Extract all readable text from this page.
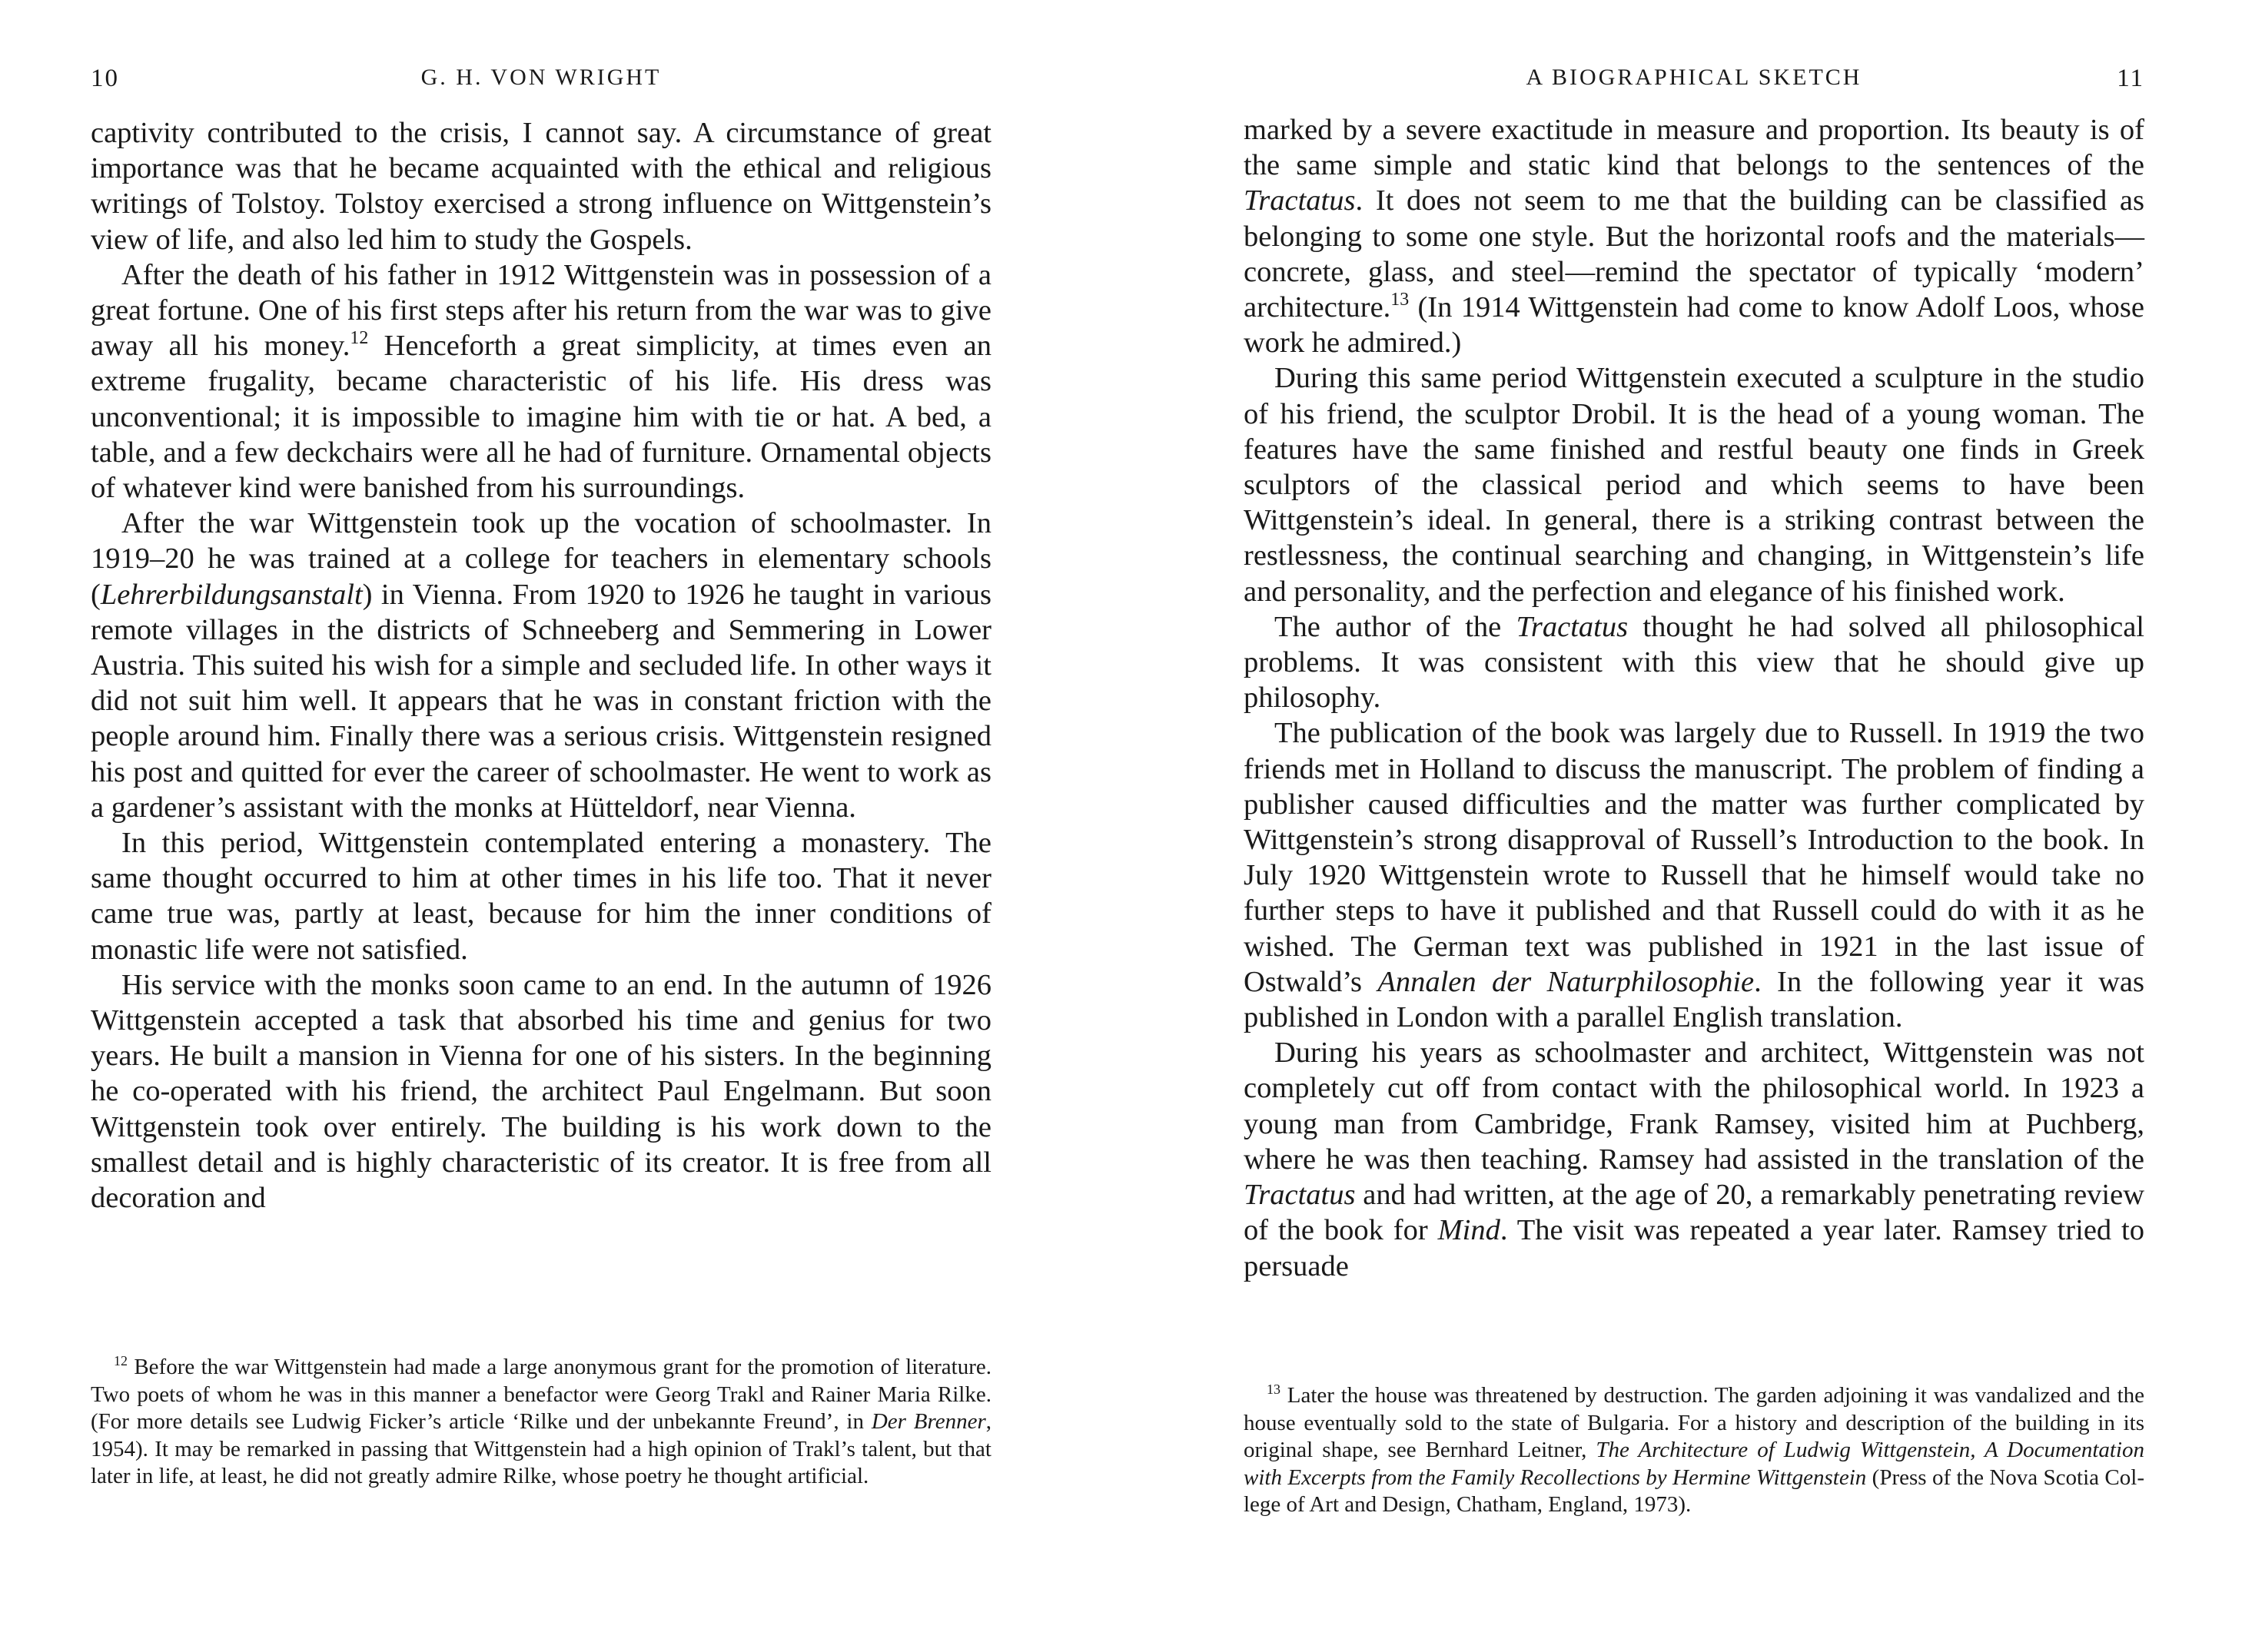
10	G. H. VON WRIGHT

captivity contributed to the crisis, I cannot say. A circumstance of great importance was that he became acquainted with the ethical and religious writings of Tolstoy. Tolstoy exercised a strong influence on Wittgenstein’s view of life, and also led him to study the Gospels.

After the death of his father in 1912 Wittgenstein was in possession of a great fortune. One of his first steps after his return from the war was to give away all his money.$^{12}$ Henceforth a great simplicity, at times even an extreme frugality, became characteristic of his life. His dress was unconventional; it is impossible to imagine him with tie or hat. A bed, a table, and a few deckchairs were all he had of furniture. Ornamental objects of whatever kind were banished from his surroundings.

After the war Wittgenstein took up the vocation of schoolmaster. In 1919–20 he was trained at a college for teachers in elementary schools (Lehrerbildungsanstalt) in Vienna. From 1920 to 1926 he taught in various remote villages in the districts of Schneeberg and Semmering in Lower Austria. This suited his wish for a simple and secluded life. In other ways it did not suit him well. It appears that he was in constant friction with the people around him. Finally there was a serious crisis. Wittgenstein resigned his post and quitted for ever the career of schoolmaster. He went to work as a gardener’s assistant with the monks at Hütteldorf, near Vienna.

In this period, Wittgenstein contemplated entering a monastery. The same thought occurred to him at other times in his life too. That it never came true was, partly at least, because for him the inner conditions of monastic life were not satisfied.

His service with the monks soon came to an end. In the autumn of 1926 Wittgenstein accepted a task that absorbed his time and genius for two years. He built a mansion in Vienna for one of his sisters. In the beginning he co-operated with his friend, the architect Paul Engelmann. But soon Wittgenstein took over entirely. The building is his work down to the smallest detail and is highly characteristic of its creator. It is free from all decoration and

$^{12}$ Before the war Wittgenstein had made a large anonymous grant for the promotion of literature. Two poets of whom he was in this manner a benefactor were Georg Trakl and Rainer Maria Rilke. (For more details see Ludwig Ficker’s article ‘Rilke und der unbekannte Freund’, in Der Brenner, 1954). It may be remarked in passing that Wittgenstein had a high opinion of Trakl’s talent, but that later in life, at least, he did not greatly admire Rilke, whose poetry he thought artificial.

A BIOGRAPHICAL SKETCH	11

marked by a severe exactitude in measure and proportion. Its beauty is of the same simple and static kind that belongs to the sentences of the Tractatus. It does not seem to me that the building can be classified as belonging to some one style. But the horizontal roofs and the materials—concrete, glass, and steel—remind the spectator of typically ‘modern’ architecture.$^{13}$ (In 1914 Wittgenstein had come to know Adolf Loos, whose work he admired.)

During this same period Wittgenstein executed a sculpture in the studio of his friend, the sculptor Drobil. It is the head of a young woman. The features have the same finished and restful beauty one finds in Greek sculptors of the classical period and which seems to have been Wittgenstein’s ideal. In general, there is a striking contrast between the restlessness, the continual searching and changing, in Wittgenstein’s life and personality, and the perfection and elegance of his finished work.

The author of the Tractatus thought he had solved all philosophical problems. It was consistent with this view that he should give up philosophy.

The publication of the book was largely due to Russell. In 1919 the two friends met in Holland to discuss the manuscript. The problem of finding a publisher caused difficulties and the matter was further complicated by Wittgenstein’s strong disapproval of Russell’s Introduction to the book. In July 1920 Wittgenstein wrote to Russell that he himself would take no further steps to have it published and that Russell could do with it as he wished. The German text was published in 1921 in the last issue of Ostwald’s Annalen der Naturphilosophie. In the following year it was published in London with a parallel English translation.

During his years as schoolmaster and architect, Wittgenstein was not completely cut off from contact with the philosophical world. In 1923 a young man from Cambridge, Frank Ramsey, visited him at Puchberg, where he was then teaching. Ramsey had assisted in the translation of the Tractatus and had written, at the age of 20, a remarkably penetrating review of the book for Mind. The visit was repeated a year later. Ramsey tried to persuade

$^{13}$ Later the house was threatened by destruction. The garden adjoining it was vandalized and the house eventually sold to the state of Bulgaria. For a history and description of the building in its original shape, see Bernhard Leitner, The Architecture of Ludwig Wittgenstein, A Documentation with Excerpts from the Family Recollections by Hermine Wittgenstein (Press of the Nova Scotia College of Art and Design, Chatham, England, 1973).
